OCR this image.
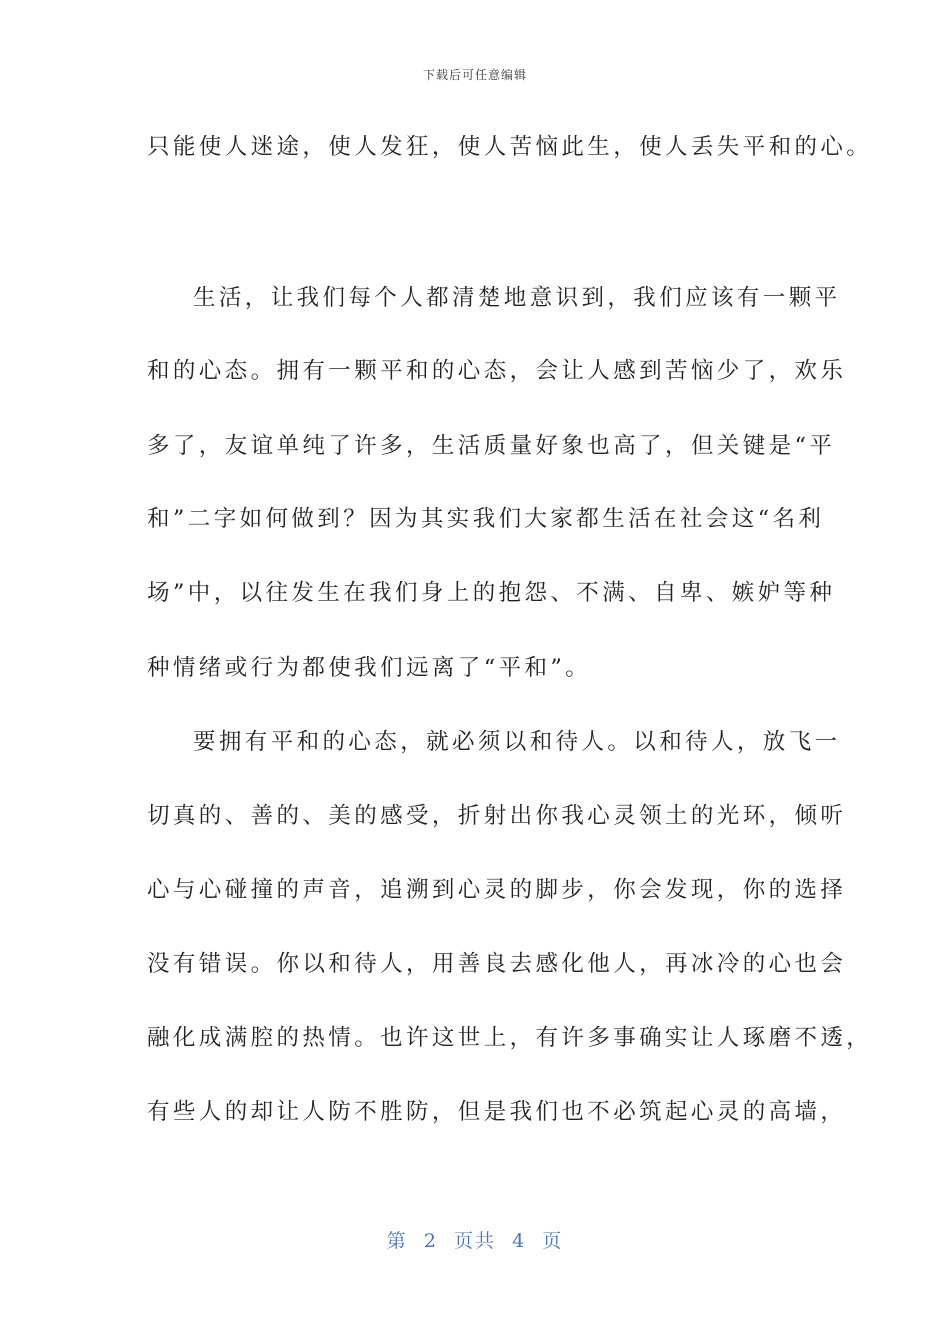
下载后可任意编辑
只能使人迷途，使人发狂，使人苦恼此生，使人丢失平和的心。
生活，让我们每个人都清楚地意识到，我们应该有一颗平
和的心态。拥有一颗平和的心态，会让人感到苦恼少了，欢乐
多了，友谊单纯了许多，生活质量好象也高了，但关键是“平
和”二字如何做到？因为其实我们大家都生活在社会这“名利
场”中，以往发生在我们身上的抱怨、不满、自卑、嫉妒等种
种情绪或行为都使我们远离了“平和”。
要拥有平和的心态，就必须以和待人。以和待人，放飞一
切真的、善的、美的感受，折射出你我心灵领土的光环，倾听
心与心碰撞的声音，追溯到心灵的脚步，你会发现，你的选择
没有错误。你以和待人，用善良去感化他人，再冰冷的心也会
融化成满腔的热情。也许这世上，有许多事确实让人琢磨不透，
有些人的却让人防不胜防，但是我们也不必筑起心灵的高墙，
第  2  页共  4  页
